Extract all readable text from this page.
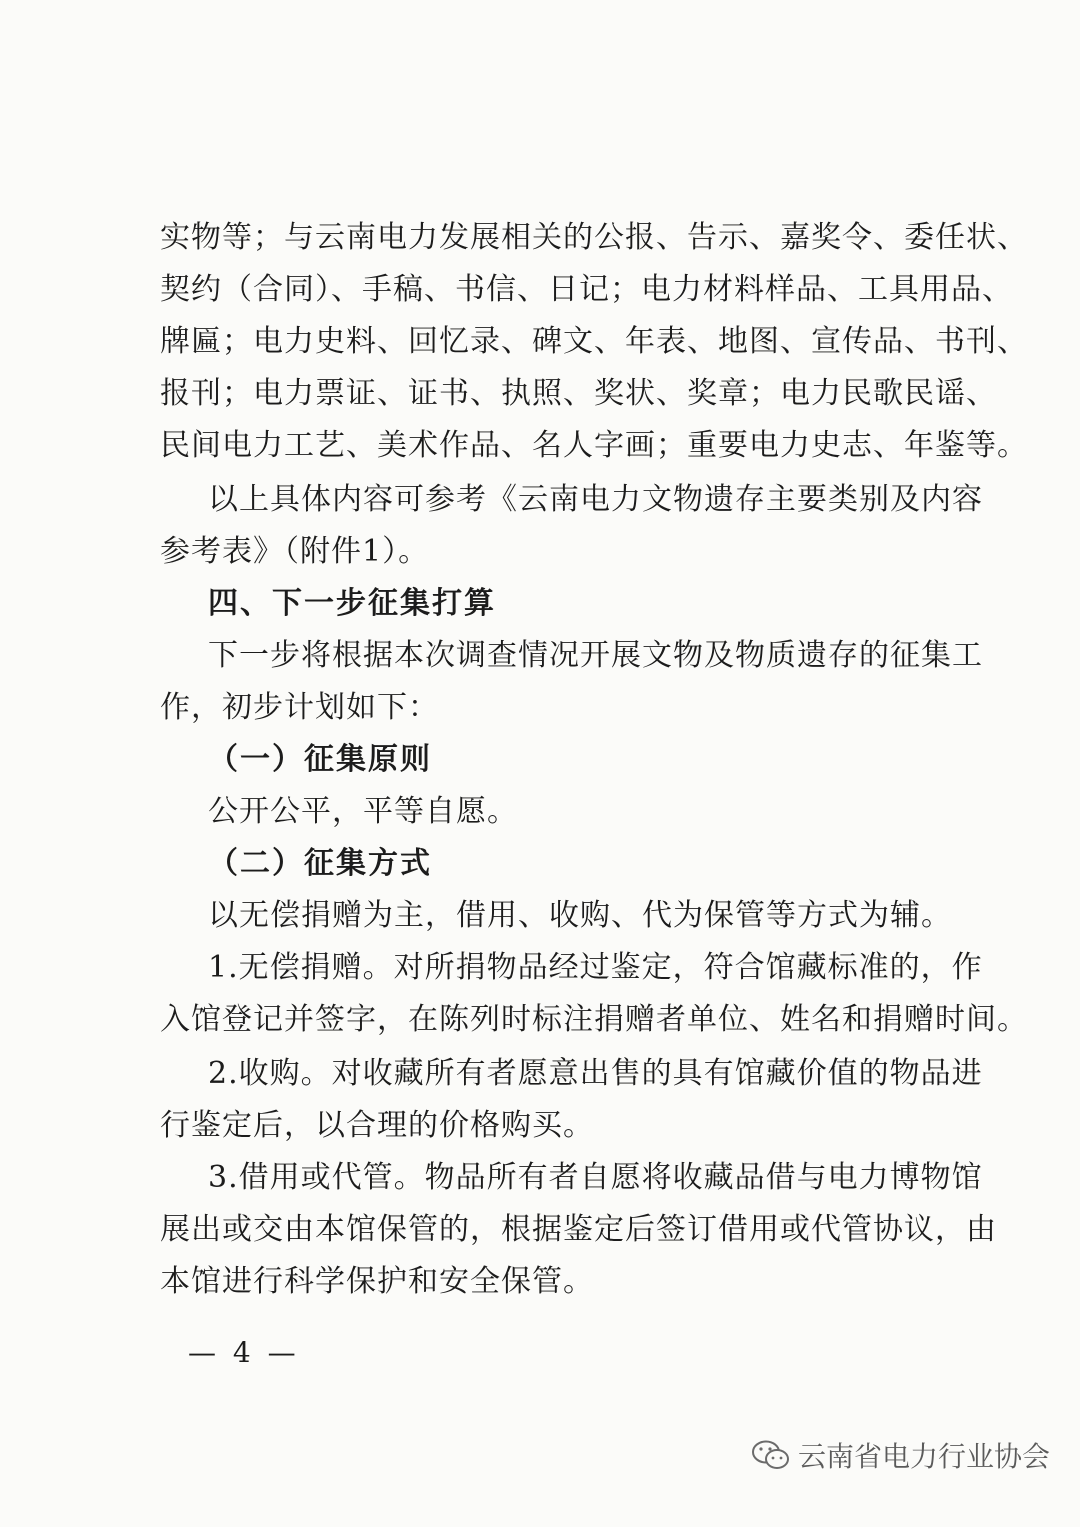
实物等；与云南电力发展相关的公报、告示、嘉奖令、委任状、
契约（合同）、手稿、书信、日记；电力材料样品、工具用品、
牌匾；电力史料、回忆录、碑文、年表、地图、宣传品、书刊、
报刊；电力票证、证书、执照、奖状、奖章；电力民歌民谣、
民间电力工艺、美术作品、名人字画；重要电力史志、年鉴等。
以上具体内容可参考《云南电力文物遗存主要类别及内容
参考表》（附件1）。
四、下一步征集打算
下一步将根据本次调查情况开展文物及物质遗存的征集工
作，初步计划如下：
（一）征集原则
公开公平，平等自愿。
（二）征集方式
以无偿捐赠为主，借用、收购、代为保管等方式为辅。
1.无偿捐赠。对所捐物品经过鉴定，符合馆藏标准的，作
入馆登记并签字，在陈列时标注捐赠者单位、姓名和捐赠时间。
2.收购。对收藏所有者愿意出售的具有馆藏价值的物品进
行鉴定后，以合理的价格购买。
3.借用或代管。物品所有者自愿将收藏品借与电力博物馆
展出或交由本馆保管的，根据鉴定后签订借用或代管协议，由
本馆进行科学保护和安全保管。
— 4 —
云南省电力行业协会
